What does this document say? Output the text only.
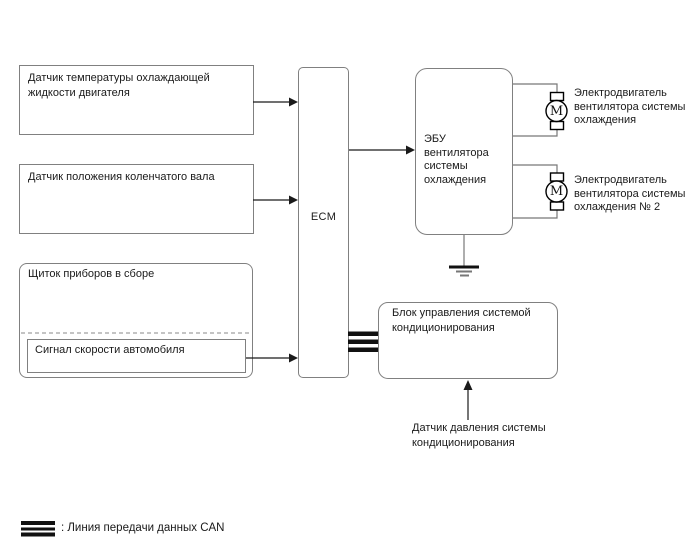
Датчик температуры охлаждающей жидкости двигателя
Датчик положения коленчатого вала
Щиток приборов в сборе
Сигнал скорости автомобиля
ECM
ЭБУ вентилятора системы охлаждения
Блок управления системой кондиционирования
M
M
Электродвигатель вентилятора системы охлаждения
Электродвигатель вентилятора системы охлаждения № 2
Датчик давления системы кондиционирования
: Линия передачи данных CAN
